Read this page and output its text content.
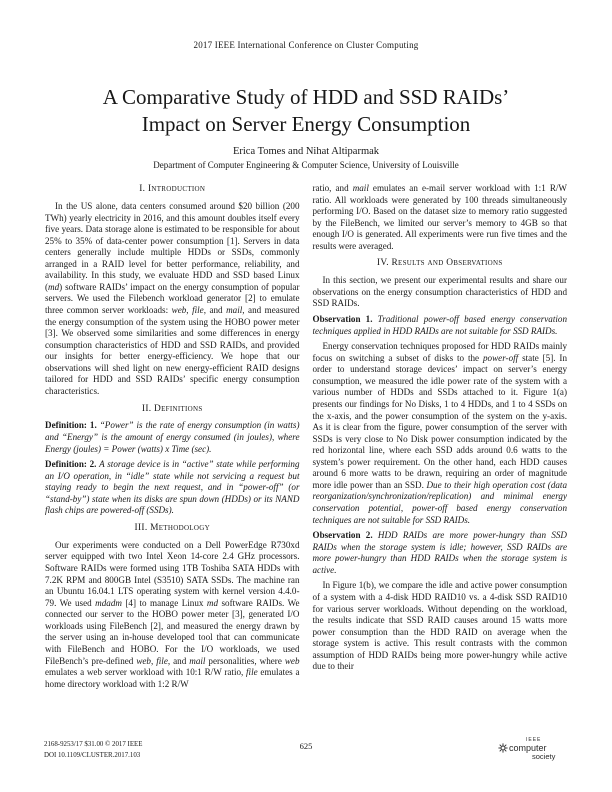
2017 IEEE International Conference on Cluster Computing
A Comparative Study of HDD and SSD RAIDs’
Impact on Server Energy Consumption
Erica Tomes and Nihat Altiparmak
Department of Computer Engineering & Computer Science, University of Louisville
I. Introduction

In the US alone, data centers consumed around $20 billion (200 TWh) yearly electricity in 2016, and this amount doubles itself every five years. Data storage alone is estimated to be responsible for about 25% to 35% of data-center power consumption [1]. Servers in data centers generally include multiple HDDs or SSDs, commonly arranged in a RAID level for better performance, reliability, and availability. In this study, we evaluate HDD and SSD based Linux (md) software RAIDs’ impact on the energy consumption of popular servers. We used the Filebench workload generator [2] to emulate three common server workloads: web, file, and mail, and measured the energy consumption of the system using the HOBO power meter [3]. We observed some similarities and some differences in energy consumption characteristics of HDD and SSD RAIDs, and provided our insights for better energy-efficiency. We hope that our observations will shed light on new energy-efficient RAID designs tailored for HDD and SSD RAIDs’ specific energy consumption characteristics.

II. Definitions

Definition: 1. “Power” is the rate of energy consumption (in watts) and “Energy” is the amount of energy consumed (in joules), where Energy (joules) = Power (watts) x Time (sec).

Definition: 2. A storage device is in “active” state while performing an I/O operation, in “idle” state while not servicing a request but staying ready to begin the next request, and in “power-off” (or “stand-by”) state when its disks are spun down (HDDs) or its NAND flash chips are powered-off (SSDs).

III. Methodology

Our experiments were conducted on a Dell PowerEdge R730xd server equipped with two Intel Xeon 14-core 2.4 GHz processors. Software RAIDs were formed using 1TB Toshiba SATA HDDs with 7.2K RPM and 800GB Intel (S3510) SATA SSDs. The machine ran an Ubuntu 16.04.1 LTS operating system with kernel version 4.4.0-79. We used mdadm [4] to manage Linux md software RAIDs. We connected our server to the HOBO power meter [3], generated I/O workloads using FileBench [2], and measured the energy drawn by the server using an in-house developed tool that can communicate with FileBench and HOBO. For the I/O workloads, we used FileBench’s pre-defined web, file, and mail personalities, where web emulates a web server workload with 10:1 R/W ratio, file emulates a home directory workload with 1:2 R/W

ratio, and mail emulates an e-mail server workload with 1:1 R/W ratio. All workloads were generated by 100 threads simultaneously performing I/O. Based on the dataset size to memory ratio suggested by the FileBench, we limited our server’s memory to 4GB so that enough I/O is generated. All experiments were run five times and the results were averaged.

IV. Results and Observations

In this section, we present our experimental results and share our observations on the energy consumption characteristics of HDD and SSD RAIDs.

Observation 1. Traditional power-off based energy conservation techniques applied in HDD RAIDs are not suitable for SSD RAIDs.

Energy conservation techniques proposed for HDD RAIDs mainly focus on switching a subset of disks to the power-off state [5]. In order to understand storage devices’ impact on server’s energy consumption, we measured the idle power rate of the system with a various number of HDDs and SSDs attached to it. Figure 1(a) presents our findings for No Disks, 1 to 4 HDDs, and 1 to 4 SSDs on the x-axis, and the power consumption of the system on the y-axis. As it is clear from the figure, power consumption of the server with SSDs is very close to No Disk power consumption indicated by the red horizontal line, where each SSD adds around 0.6 watts to the system’s power requirement. On the other hand, each HDD causes around 6 more watts to be drawn, requiring an order of magnitude more idle power than an SSD. Due to their high operation cost (data reorganization/synchronization/replication) and minimal energy conservation potential, power-off based energy conservation techniques are not suitable for SSD RAIDs.

Observation 2. HDD RAIDs are more power-hungry than SSD RAIDs when the storage system is idle; however, SSD RAIDs are more power-hungry than HDD RAIDs when the storage system is active.

In Figure 1(b), we compare the idle and active power consumption of a system with a 4-disk HDD RAID10 vs. a 4-disk SSD RAID10 for various server workloads. Without depending on the workload, the results indicate that SSD RAID causes around 15 watts more power consumption than the HDD RAID on average when the storage system is active. This result contrasts with the common assumption of HDD RAIDs being more power-hungry while active due to their

2168-9253/17 $31.00 © 2017 IEEE
DOI 10.1109/CLUSTER.2017.103
625
IEEE
computer
society
